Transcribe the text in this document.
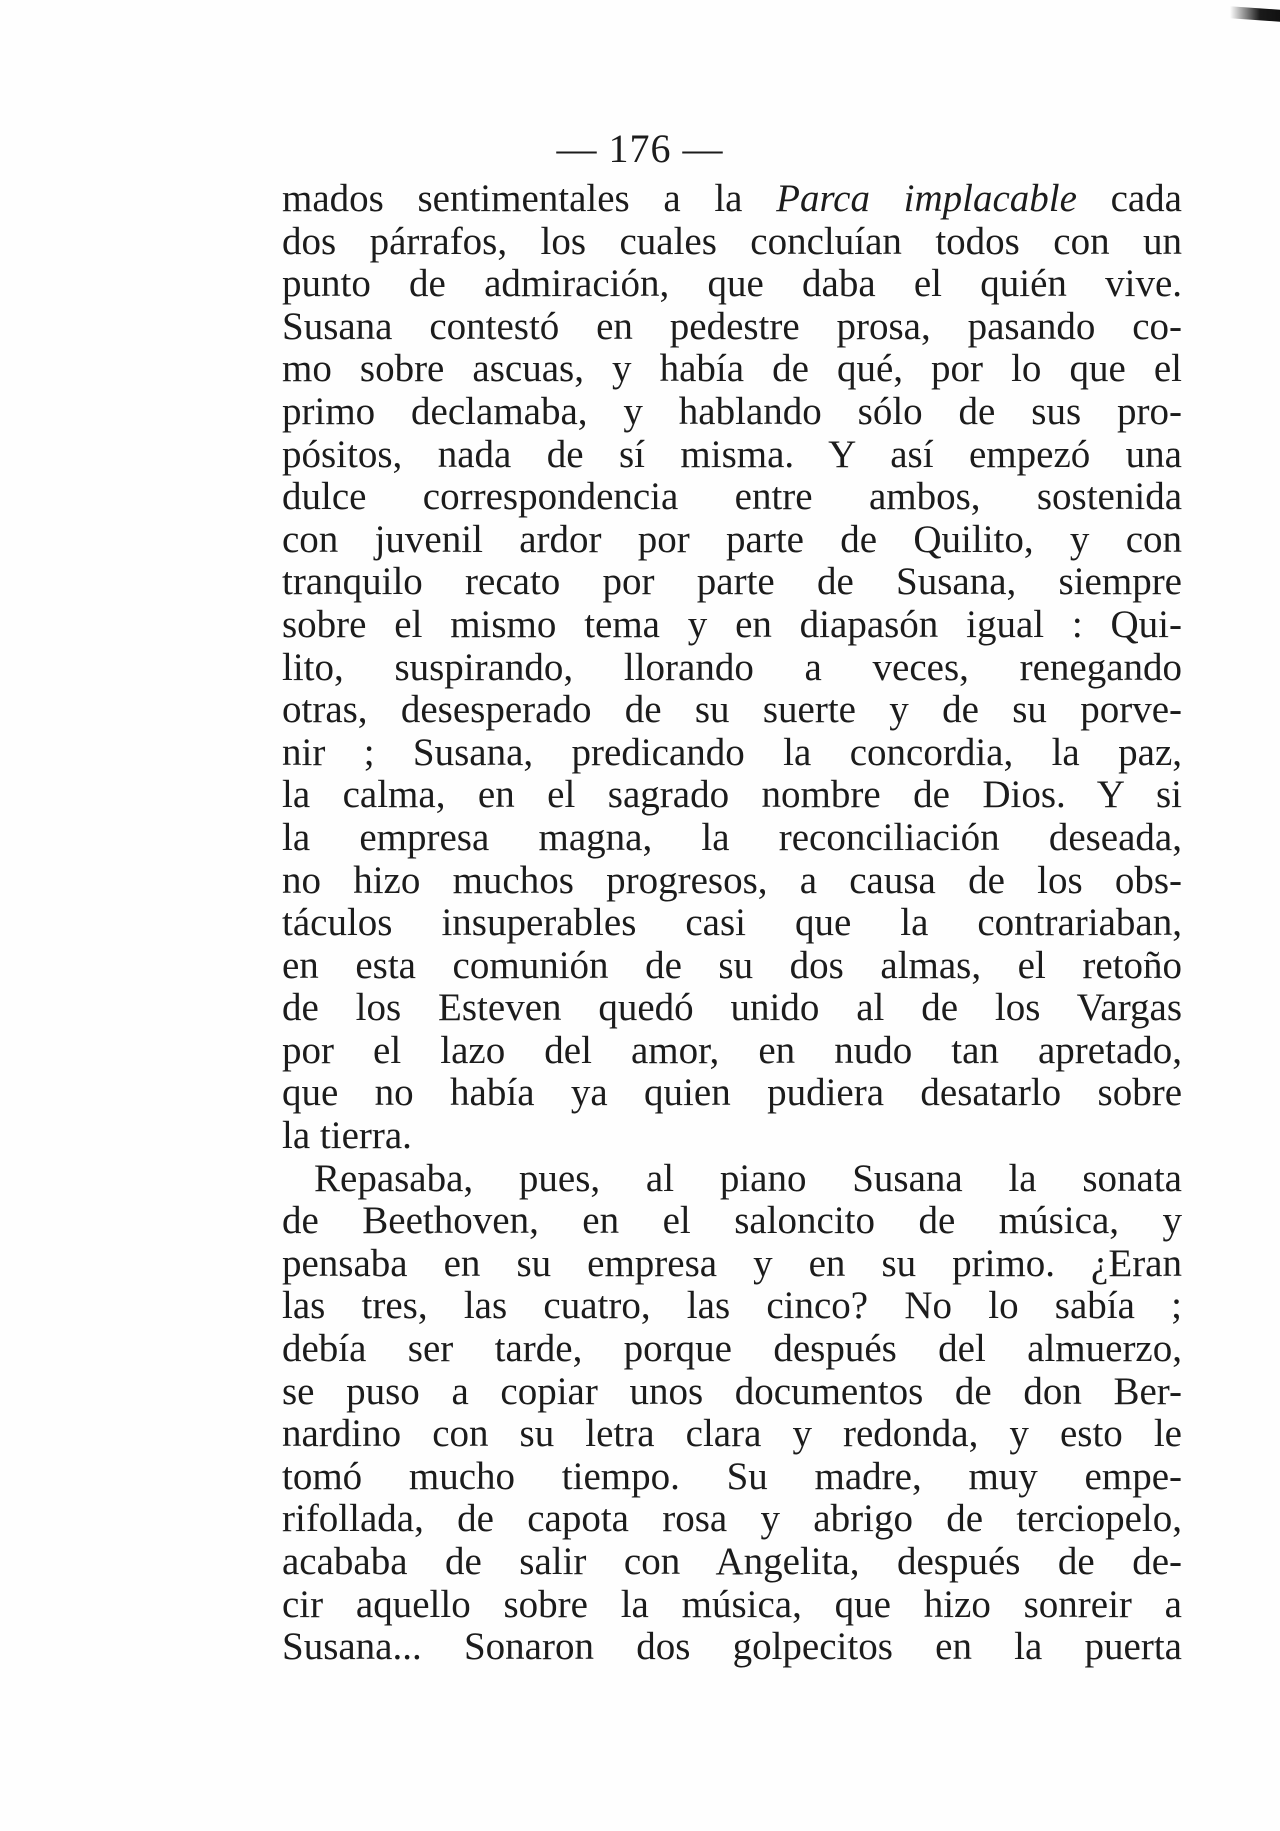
— 176 —
mados sentimentales a la Parca implacable cada
dos párrafos, los cuales concluían todos con un
punto de admiración, que daba el quién vive.
Susana contestó en pedestre prosa, pasando co-
mo sobre ascuas, y había de qué, por lo que el
primo declamaba, y hablando sólo de sus pro-
pósitos, nada de sí misma. Y así empezó una
dulce correspondencia entre ambos, sostenida
con juvenil ardor por parte de Quilito, y con
tranquilo recato por parte de Susana, siempre
sobre el mismo tema y en diapasón igual : Qui-
lito, suspirando, llorando a veces, renegando
otras, desesperado de su suerte y de su porve-
nir ; Susana, predicando la concordia, la paz,
la calma, en el sagrado nombre de Dios. Y si
la empresa magna, la reconciliación deseada,
no hizo muchos progresos, a causa de los obs-
táculos insuperables casi que la contrariaban,
en esta comunión de su dos almas, el retoño
de los Esteven quedó unido al de los Vargas
por el lazo del amor, en nudo tan apretado,
que no había ya quien pudiera desatarlo sobre
la tierra.
Repasaba, pues, al piano Susana la sonata
de Beethoven, en el saloncito de música, y
pensaba en su empresa y en su primo. ¿Eran
las tres, las cuatro, las cinco? No lo sabía ;
debía ser tarde, porque después del almuerzo,
se puso a copiar unos documentos de don Ber-
nardino con su letra clara y redonda, y esto le
tomó mucho tiempo. Su madre, muy empe-
rifollada, de capota rosa y abrigo de terciopelo,
acababa de salir con Angelita, después de de-
cir aquello sobre la música, que hizo sonreir a
Susana... Sonaron dos golpecitos en la puerta
